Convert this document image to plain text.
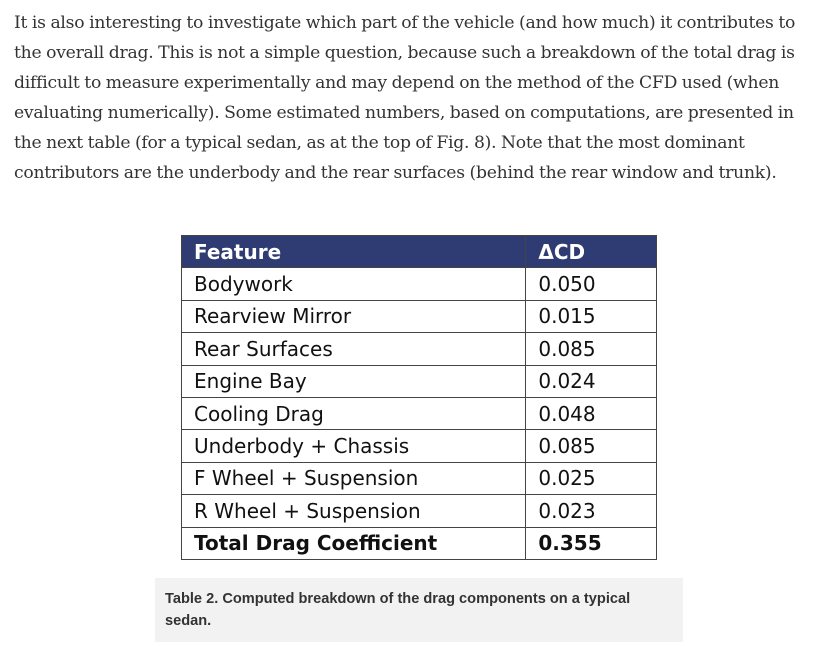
It is also interesting to investigate which part of the vehicle (and how much) it contributes to the overall drag. This is not a simple question, because such a breakdown of the total drag is difficult to measure experimentally and may depend on the method of the CFD used (when evaluating numerically). Some estimated numbers, based on computations, are presented in the next table (for a typical sedan, as at the top of Fig. 8). Note that the most dominant contributors are the underbody and the rear surfaces (behind the rear window and trunk).

Feature	ΔCD
Bodywork	0.050
Rearview Mirror	0.015
Rear Surfaces	0.085
Engine Bay	0.024
Cooling Drag	0.048
Underbody + Chassis	0.085
F Wheel + Suspension	0.025
R Wheel + Suspension	0.023
Total Drag Coefficient	0.355
Table 2. Computed breakdown of the drag components on a typical sedan.
